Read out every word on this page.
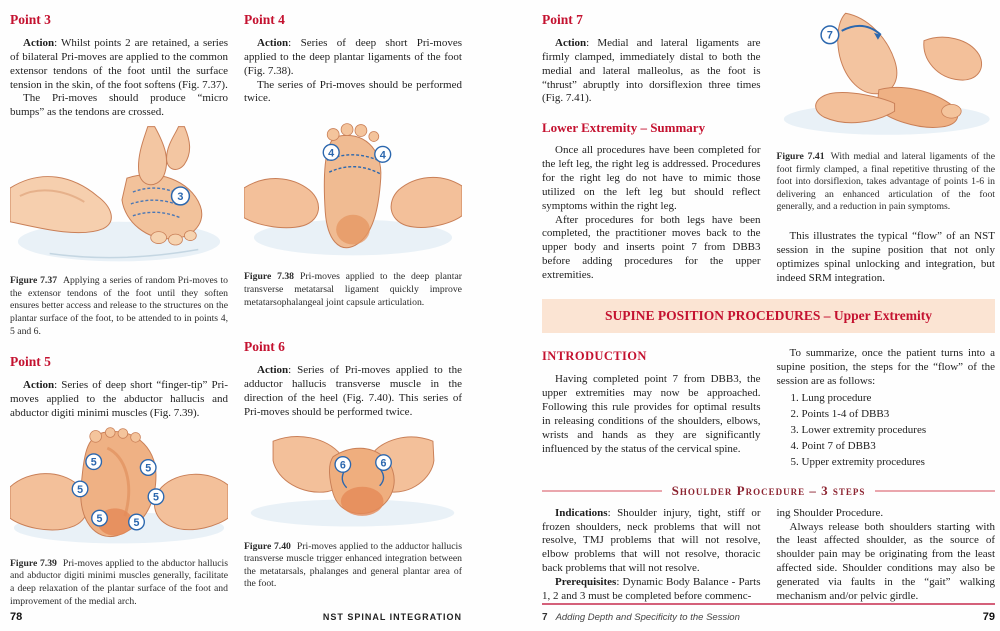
Point 3

Action: Whilst points 2 are retained, a series of bilateral Pri-moves are applied to the common extensor tendons of the foot until the surface tension in the skin, of the foot softens (Fig. 7.37).

The Pri-moves should produce “micro bumps” as the tendons are crossed.

3

Figure 7.37 Applying a series of random Pri-moves to the extensor tendons of the foot until they soften ensures better access and release to the structures on the plantar surface of the foot, to be attended to in points 4, 5 and 6.

Point 5

Action: Series of deep short “finger-tip” Pri-moves applied to the abductor hallucis and abductor digiti minimi muscles (Fig. 7.39).

5	5
5
5
5	5

Figure 7.39 Pri-moves applied to the abductor hallucis and abductor digiti minimi muscles generally, facilitate a deep relaxation of the plantar surface of the foot and improvement of the medial arch.

Point 4

Action: Series of deep short Pri-moves applied to the deep plantar ligaments of the foot (Fig. 7.38).

The series of Pri-moves should be performed twice.

4	4

Figure 7.38 Pri-moves applied to the deep plantar transverse metatarsal ligament quickly improve metatarsophalangeal joint capsule articulation.

Point 6

Action: Series of Pri-moves applied to the adductor hallucis transverse muscle in the direction of the heel (Fig. 7.40). This series of Pri-moves should be performed twice.

6	6

Figure 7.40 Pri-moves applied to the adductor hallucis transverse muscle trigger enhanced integration between the metatarsals, phalanges and general plantar area of the foot.

78	NST SPINAL INTEGRATION
Point 7

Action: Medial and lateral ligaments are firmly clamped, immediately distal to both the medial and lateral malleolus, as the foot is “thrust” abruptly into dorsiflexion three times (Fig. 7.41).

Lower Extremity – Summary

Once all procedures have been completed for the left leg, the right leg is addressed. Procedures for the right leg do not have to mimic those utilized on the left leg but should reflect symptoms within the right leg.

After procedures for both legs have been completed, the practitioner moves back to the upper body and inserts point 7 from DBB3 before adding procedures for the upper extremities.

7

Figure 7.41 With medial and lateral ligaments of the foot firmly clamped, a final repetitive thrusting of the foot into dorsiflexion, takes advantage of points 1-6 in delivering an enhanced articulation of the foot generally, and a reduction in pain symptoms.

This illustrates the typical “flow” of an NST session in the supine position that not only optimizes spinal unlocking and integration, but indeed SRM integration.

SUPINE POSITION PROCEDURES – Upper Extremity
INTRODUCTION

Having completed point 7 from DBB3, the upper extremities may now be approached. Following this rule provides for optimal results in releasing conditions of the shoulders, elbows, wrists and hands as they are significantly influenced by the status of the cervical spine.

To summarize, once the patient turns into a supine position, the steps for the “flow” of the session are as follows:

1. Lung procedure
2. Points 1-4 of DBB3
3. Lower extremity procedures
4. Point 7 of DBB3
5. Upper extremity procedures
Shoulder Procedure – 3 steps

Indications: Shoulder injury, tight, stiff or frozen shoulders, neck problems that will not resolve, TMJ problems that will not resolve, elbow problems that will not resolve, thoracic back problems that will not resolve.

Prerequisites: Dynamic Body Balance - Parts 1, 2 and 3 must be completed before commenc-

ing Shoulder Procedure.

Always release both shoulders starting with the least affected shoulder, as the source of shoulder pain may be originating from the least affected side. Shoulder conditions may also be generated via faults in the “gait” walking mechanism and/or pelvic girdle.

7 Adding Depth and Specificity to the Session	79
